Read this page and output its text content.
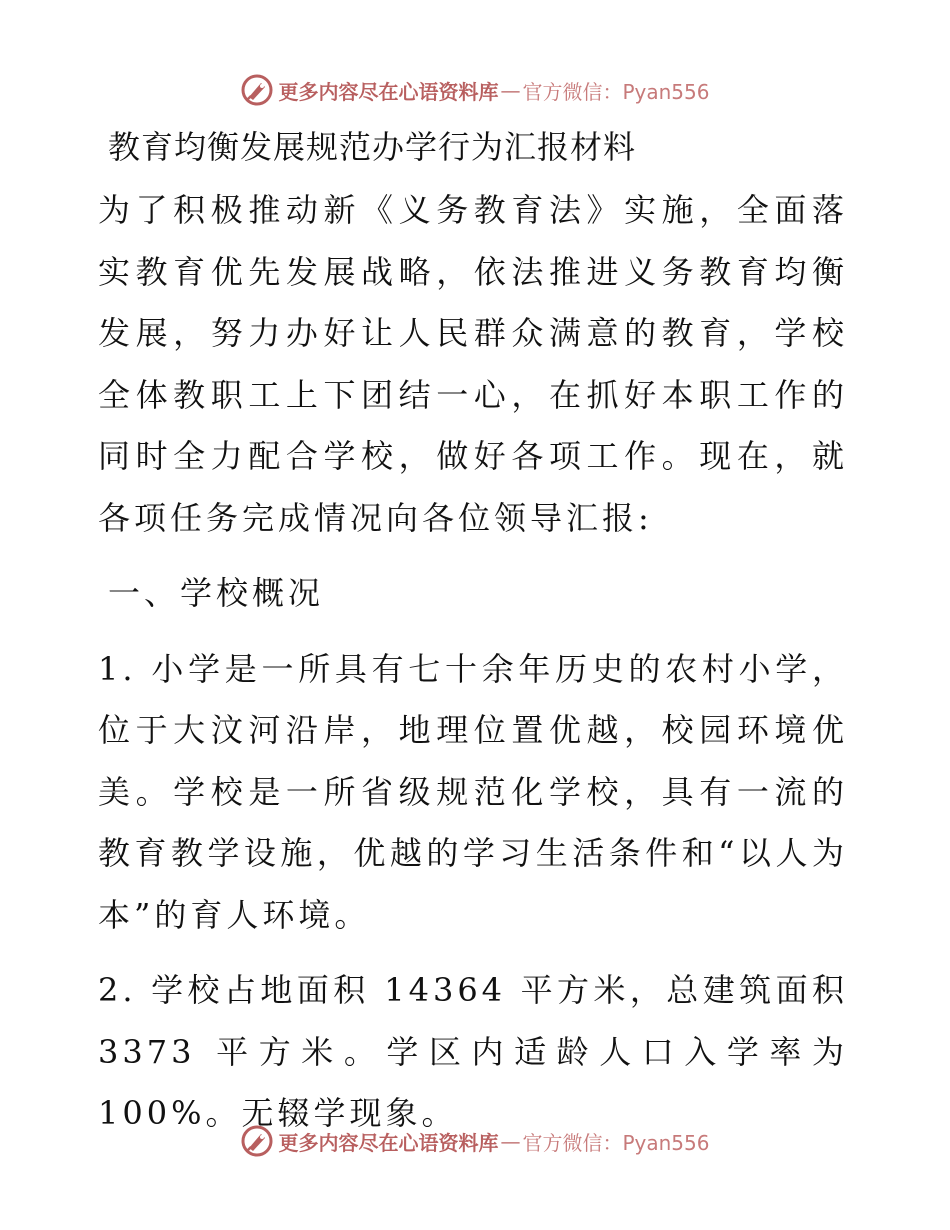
更多内容尽在心语资料库 — 官方微信：Pyan556
教育均衡发展规范办学行为汇报材料
为了积极推动新《义务教育法》实施，全面落实教育优先发展战略，依法推进义务教育均衡发展，努力办好让人民群众满意的教育，学校全体教职工上下团结一心，在抓好本职工作的同时全力配合学校，做好各项工作。现在，就各项任务完成情况向各位领导汇报:
一、学校概况
1. 小学是一所具有七十余年历史的农村小学，位于大汶河沿岸，地理位置优越，校园环境优美。学校是一所省级规范化学校，具有一流的教育教学设施，优越的学习生活条件和“以人为本”的育人环境。
2. 学校占地面积 14364 平方米，总建筑面积 3373 平方米。学区内适龄人口入学率为 100%。无辍学现象。
更多内容尽在心语资料库 — 官方微信：Pyan556
